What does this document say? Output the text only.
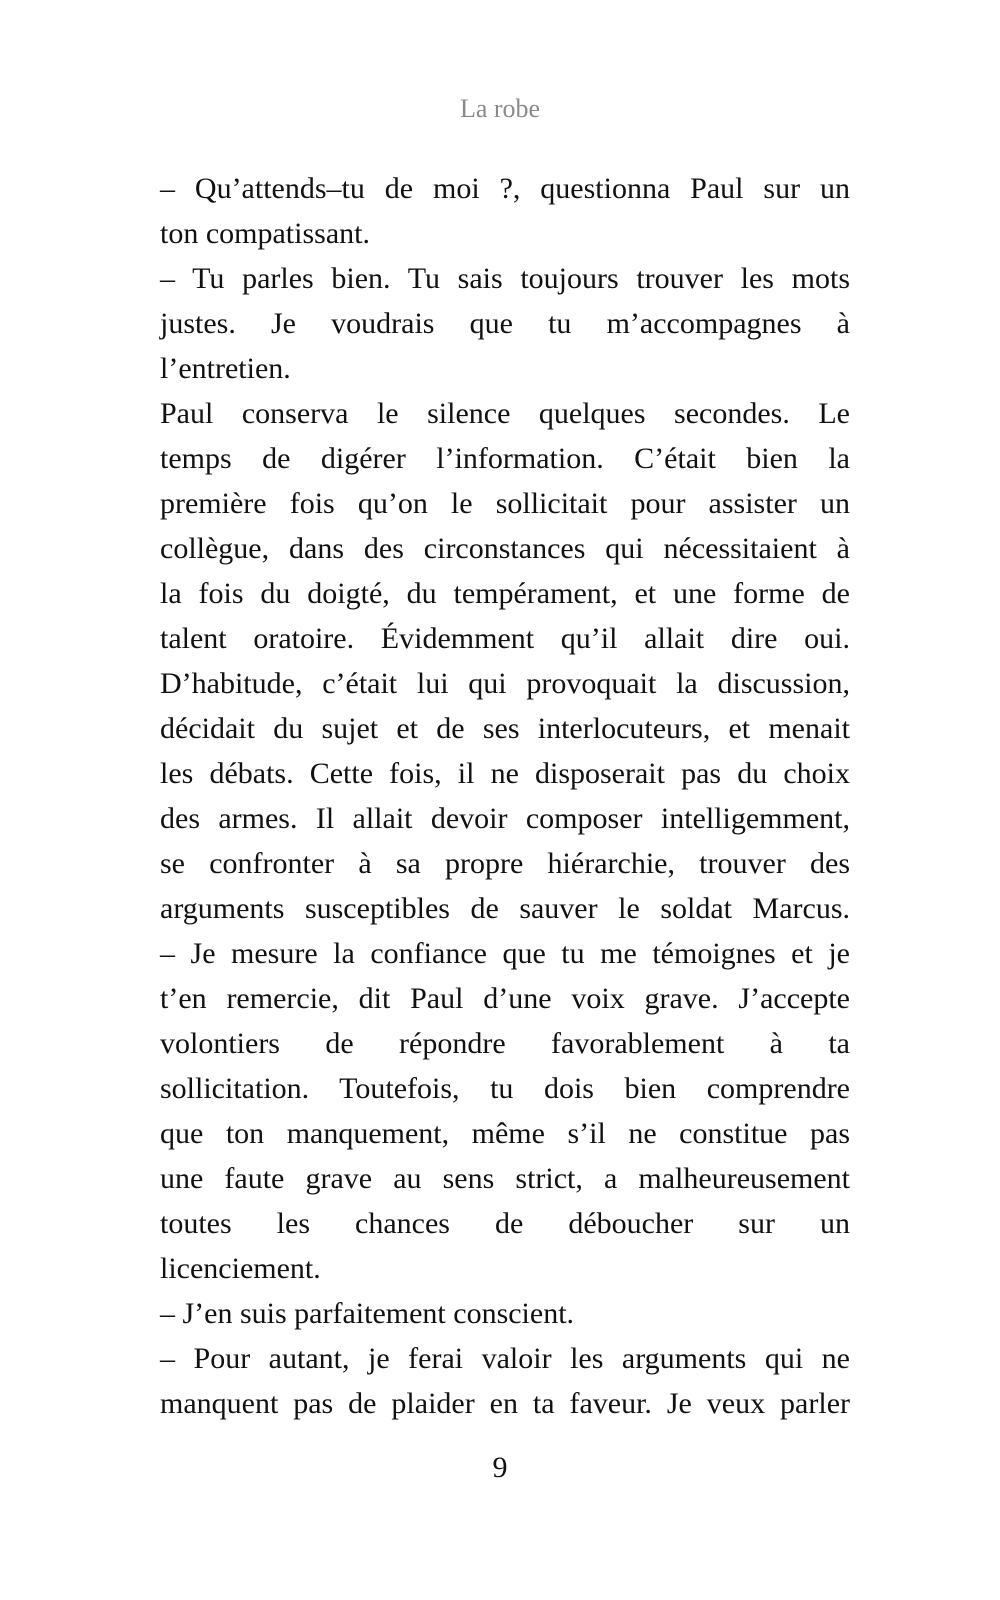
La robe
– Qu’attends–tu de moi ?, questionna Paul sur un
ton compatissant.
– Tu parles bien. Tu sais toujours trouver les mots
justes. Je voudrais que tu m’accompagnes à
l’entretien.
Paul conserva le silence quelques secondes. Le
temps de digérer l’information. C’était bien la
première fois qu’on le sollicitait pour assister un
collègue, dans des circonstances qui nécessitaient à
la fois du doigté, du tempérament, et une forme de
talent oratoire. Évidemment qu’il allait dire oui.
D’habitude, c’était lui qui provoquait la discussion,
décidait du sujet et de ses interlocuteurs, et menait
les débats. Cette fois, il ne disposerait pas du choix
des armes. Il allait devoir composer intelligemment,
se confronter à sa propre hiérarchie, trouver des
arguments susceptibles de sauver le soldat Marcus.
– Je mesure la confiance que tu me témoignes et je
t’en remercie, dit Paul d’une voix grave. J’accepte
volontiers de répondre favorablement à ta
sollicitation. Toutefois, tu dois bien comprendre
que ton manquement, même s’il ne constitue pas
une faute grave au sens strict, a malheureusement
toutes les chances de déboucher sur un
licenciement.
– J’en suis parfaitement conscient.
– Pour autant, je ferai valoir les arguments qui ne
manquent pas de plaider en ta faveur. Je veux parler
9
